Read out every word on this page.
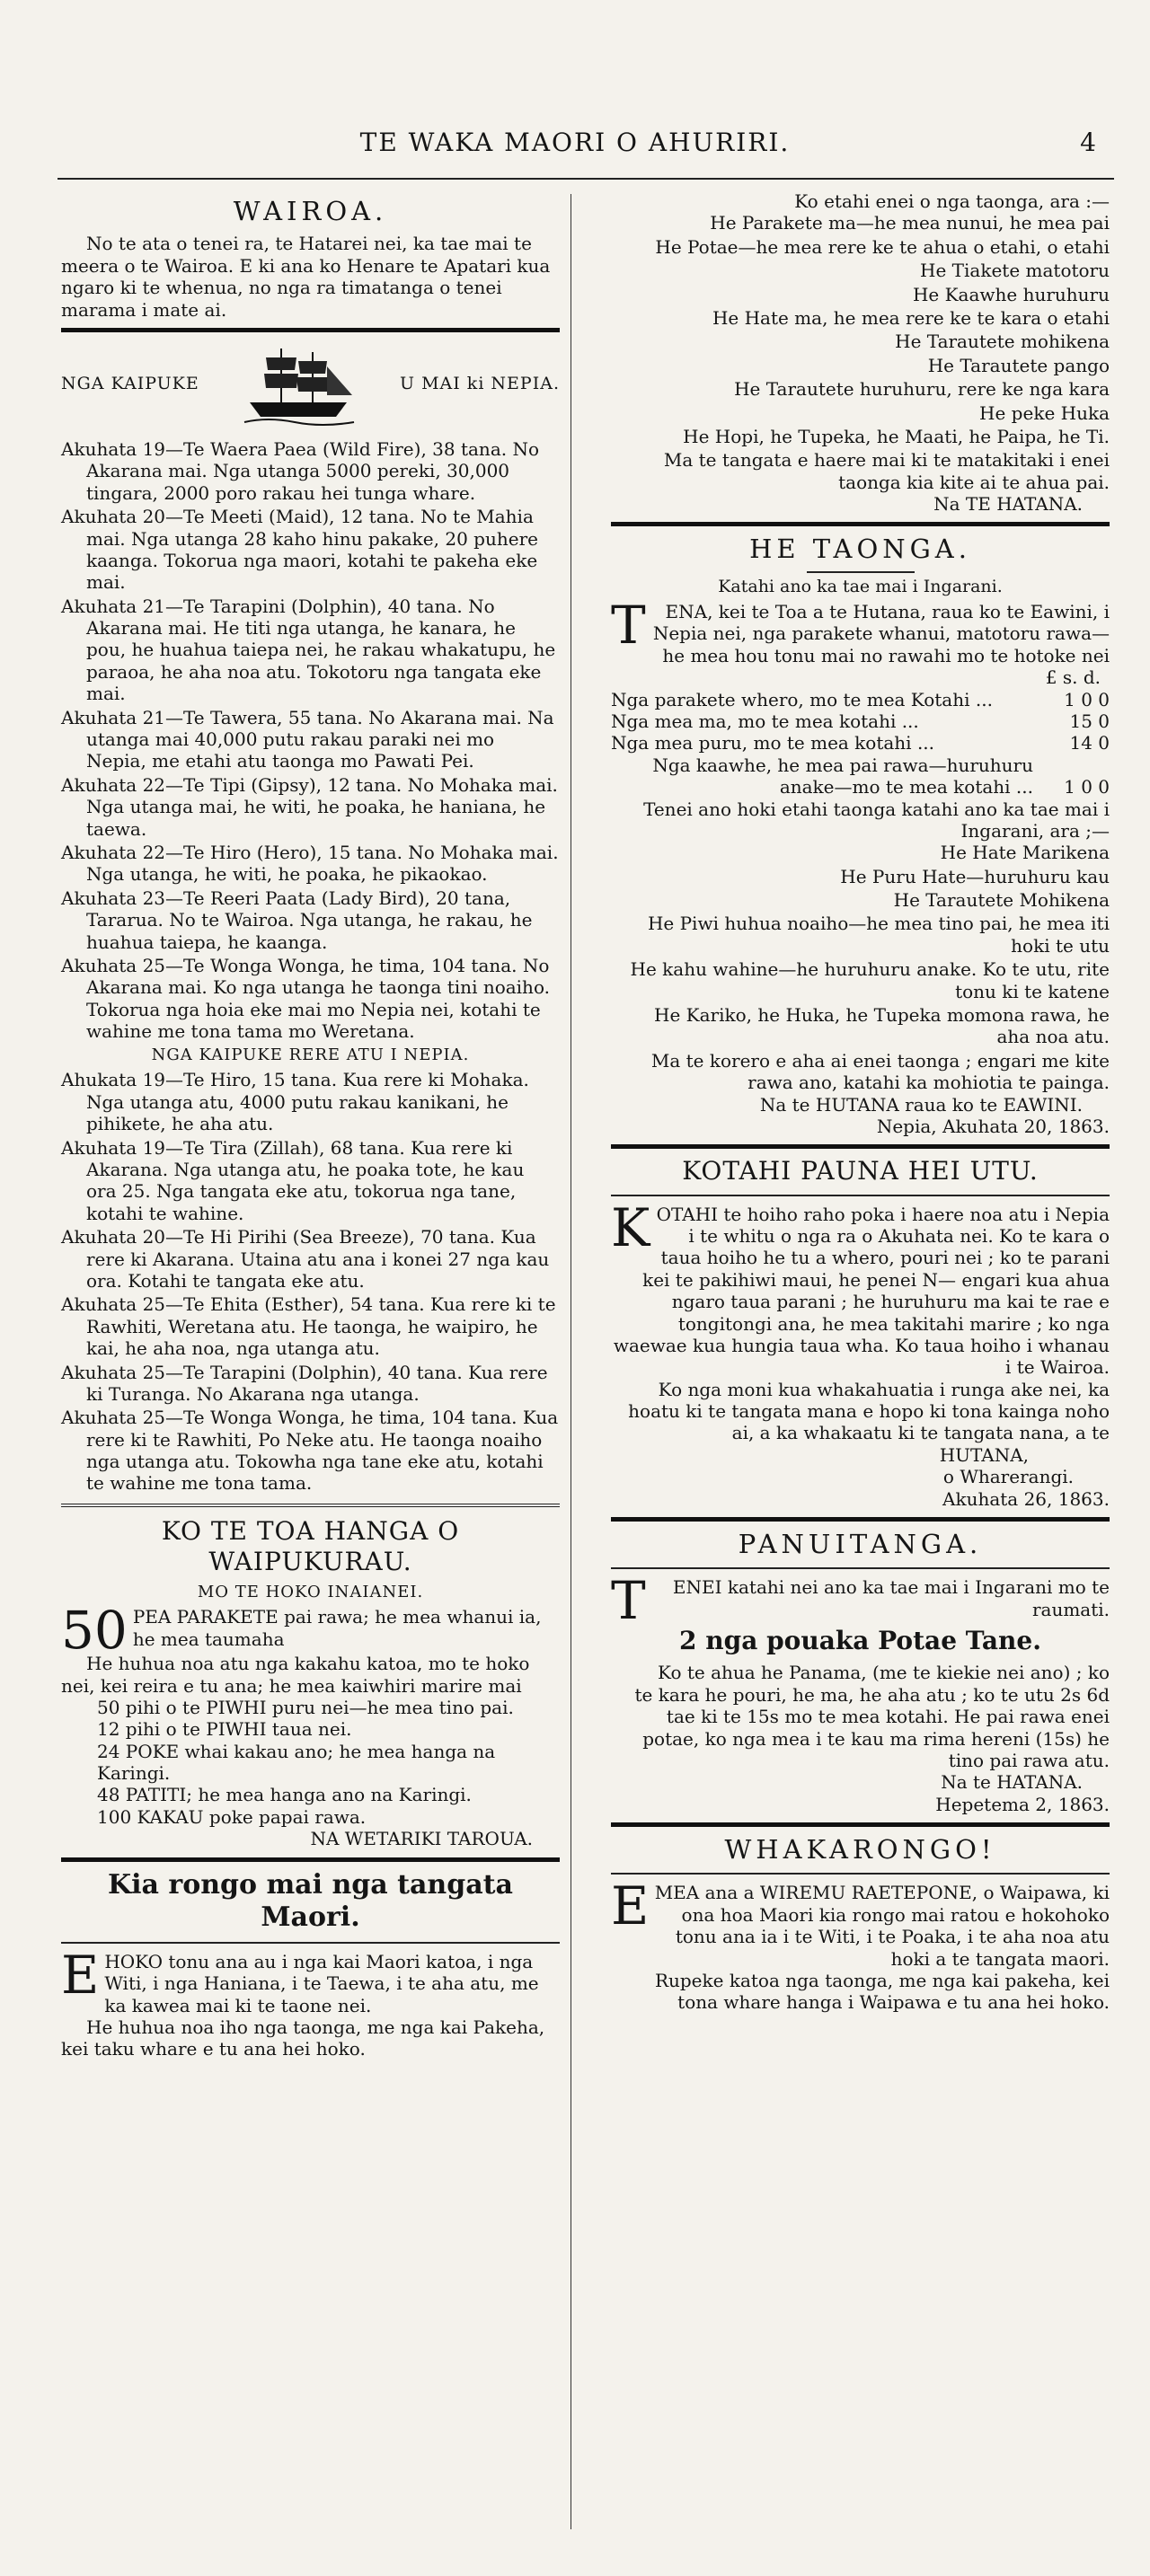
TE WAKA MAORI O AHURIRI.	4
WAIROA.

No te ata o tenei ra, te Hatarei nei, ka tae mai te meera o te Wairoa. E ki ana ko Henare te Apatari kua ngaro ki te whenua, no nga ra timatanga o tenei marama i mate ai.

NGA KAIPUKE	U MAI ki NEPIA.

Akuhata 19—Te Waera Paea (Wild Fire), 38 tana. No Akarana mai. Nga utanga 5000 pereki, 30,000 tingara, 2000 poro rakau hei tunga whare.

Akuhata 20—Te Meeti (Maid), 12 tana. No te Mahia mai. Nga utanga 28 kaho hinu pakake, 20 puhere kaanga. Tokorua nga maori, kotahi te pakeha eke mai.

Akuhata 21—Te Tarapini (Dolphin), 40 tana. No Akarana mai. He titi nga utanga, he kanara, he pou, he huahua taiepa nei, he rakau whakatupu, he paraoa, he aha noa atu. Tokotoru nga tangata eke mai.

Akuhata 21—Te Tawera, 55 tana. No Akarana mai. Na utanga mai 40,000 putu rakau paraki nei mo Nepia, me etahi atu taonga mo Pawati Pei.

Akuhata 22—Te Tipi (Gipsy), 12 tana. No Mohaka mai. Nga utanga mai, he witi, he poaka, he haniana, he taewa.

Akuhata 22—Te Hiro (Hero), 15 tana. No Mohaka mai. Nga utanga, he witi, he poaka, he pikaokao.

Akuhata 23—Te Reeri Paata (Lady Bird), 20 tana, Tararua. No te Wairoa. Nga utanga, he rakau, he huahua taiepa, he kaanga.

Akuhata 25—Te Wonga Wonga, he tima, 104 tana. No Akarana mai. Ko nga utanga he taonga tini noaiho. Tokorua nga hoia eke mai mo Nepia nei, kotahi te wahine me tona tama mo Weretana.

NGA KAIPUKE RERE ATU I NEPIA.

Ahukata 19—Te Hiro, 15 tana. Kua rere ki Mohaka. Nga utanga atu, 4000 putu rakau kanikani, he pihikete, he aha atu.

Akuhata 19—Te Tira (Zillah), 68 tana. Kua rere ki Akarana. Nga utanga atu, he poaka tote, he kau ora 25. Nga tangata eke atu, tokorua nga tane, kotahi te wahine.

Akuhata 20—Te Hi Pirihi (Sea Breeze), 70 tana. Kua rere ki Akarana. Utaina atu ana i konei 27 nga kau ora. Kotahi te tangata eke atu.

Akuhata 25—Te Ehita (Esther), 54 tana. Kua rere ki te Rawhiti, Weretana atu. He taonga, he waipiro, he kai, he aha noa, nga utanga atu.

Akuhata 25—Te Tarapini (Dolphin), 40 tana. Kua rere ki Turanga. No Akarana nga utanga.

Akuhata 25—Te Wonga Wonga, he tima, 104 tana. Kua rere ki te Rawhiti, Po Neke atu. He taonga noaiho nga utanga atu. Tokowha nga tane eke atu, kotahi te wahine me tona tama.

KO TE TOA HANGA O WAIPUKURAU.

MO TE HOKO INAIANEI.

50 PEA PARAKETE pai rawa; he mea whanui ia, he mea taumaha

He huhua noa atu nga kakahu katoa, mo te hoko nei, kei reira e tu ana; he mea kaiwhiri marire mai

50 pihi o te PIWHI puru nei—he mea tino pai.

12 pihi o te PIWHI taua nei.

24 POKE whai kakau ano; he mea hanga na Karingi.

48 PATITI; he mea hanga ano na Karingi.

100 KAKAU poke papai rawa.

NA WETARIKI TAROUA.

Kia rongo mai nga tangata Maori.

EHOKO tonu ana au i nga kai Maori katoa, i nga Witi, i nga Haniana, i te Taewa, i te aha atu, me ka kawea mai ki te taone nei.

He huhua noa iho nga taonga, me nga kai Pakeha, kei taku whare e tu ana hei hoko.

Ko etahi enei o nga taonga, ara :—

He Parakete ma—he mea nunui, he mea pai

He Potae—he mea rere ke te ahua o etahi, o etahi

He Tiakete matotoru

He Kaawhe huruhuru

He Hate ma, he mea rere ke te kara o etahi

He Tarautete mohikena

He Tarautete pango

He Tarautete huruhuru, rere ke nga kara

He peke Huka

He Hopi, he Tupeka, he Maati, he Paipa, he Ti.

Ma te tangata e haere mai ki te matakitaki i enei taonga kia kite ai te ahua pai.

Na TE HATANA.

HE TAONGA.

Katahi ano ka tae mai i Ingarani.

T ENA, kei te Toa a te Hutana, raua ko te Eawini, i Nepia nei, nga parakete whanui, matotoru rawa—he mea hou tonu mai no rawahi mo te hotoke nei

£ s. d.

Nga parakete whero, mo te mea Kotahi ...	1 0 0
Nga mea ma, mo te mea kotahi ...	15 0
Nga mea puru, mo te mea kotahi ...	14 0
Nga kaawhe, he mea pai rawa—huruhuru anake—mo te mea kotahi ... 1 0 0

Tenei ano hoki etahi taonga katahi ano ka tae mai i Ingarani, ara ;—

He Hate Marikena

He Puru Hate—huruhuru kau

He Tarautete Mohikena

He Piwi huhua noaiho—he mea tino pai, he mea iti hoki te utu

He kahu wahine—he huruhuru anake. Ko te utu, rite tonu ki te katene

He Kariko, he Huka, he Tupeka momona rawa, he aha noa atu.

Ma te korero e aha ai enei taonga ; engari me kite rawa ano, katahi ka mohiotia te painga.

Na te HUTANA raua ko te EAWINI.

Nepia, Akuhata 20, 1863.

KOTAHI PAUNA HEI UTU.

KOTAHI te hoiho raho poka i haere noa atu i Nepia i te whitu o nga ra o Akuhata nei. Ko te kara o taua hoiho he tu a whero, pouri nei ; ko te parani kei te pakihiwi maui, he penei N— engari kua ahua ngaro taua parani ; he huruhuru ma kai te rae e tongitongi ana, he mea takitahi marire ; ko nga waewae kua hungia taua wha. Ko taua hoiho i whanau i te Wairoa.

Ko nga moni kua whakahuatia i runga ake nei, ka hoatu ki te tangata mana e hopo ki tona kainga noho ai, a ka whakaatu ki te tangata nana, a te

HUTANA,

o Wharerangi.

Akuhata 26, 1863.

PANUITANGA.

T ENEI katahi nei ano ka tae mai i Ingarani mo te raumati.

2 nga pouaka Potae Tane.

Ko te ahua he Panama, (me te kiekie nei ano) ; ko te kara he pouri, he ma, he aha atu ; ko te utu 2s 6d tae ki te 15s mo te mea kotahi. He pai rawa enei potae, ko nga mea i te kau ma rima hereni (15s) he tino pai rawa atu.

Na te HATANA.

Hepetema 2, 1863.

WHAKARONGO!

EMEA ana a WIREMU RAETEPONE, o Waipawa, ki ona hoa Maori kia rongo mai ratou e hokohoko tonu ana ia i te Witi, i te Poaka, i te aha noa atu hoki a te tangata maori.

Rupeke katoa nga taonga, me nga kai pakeha, kei tona whare hanga i Waipawa e tu ana hei hoko.
